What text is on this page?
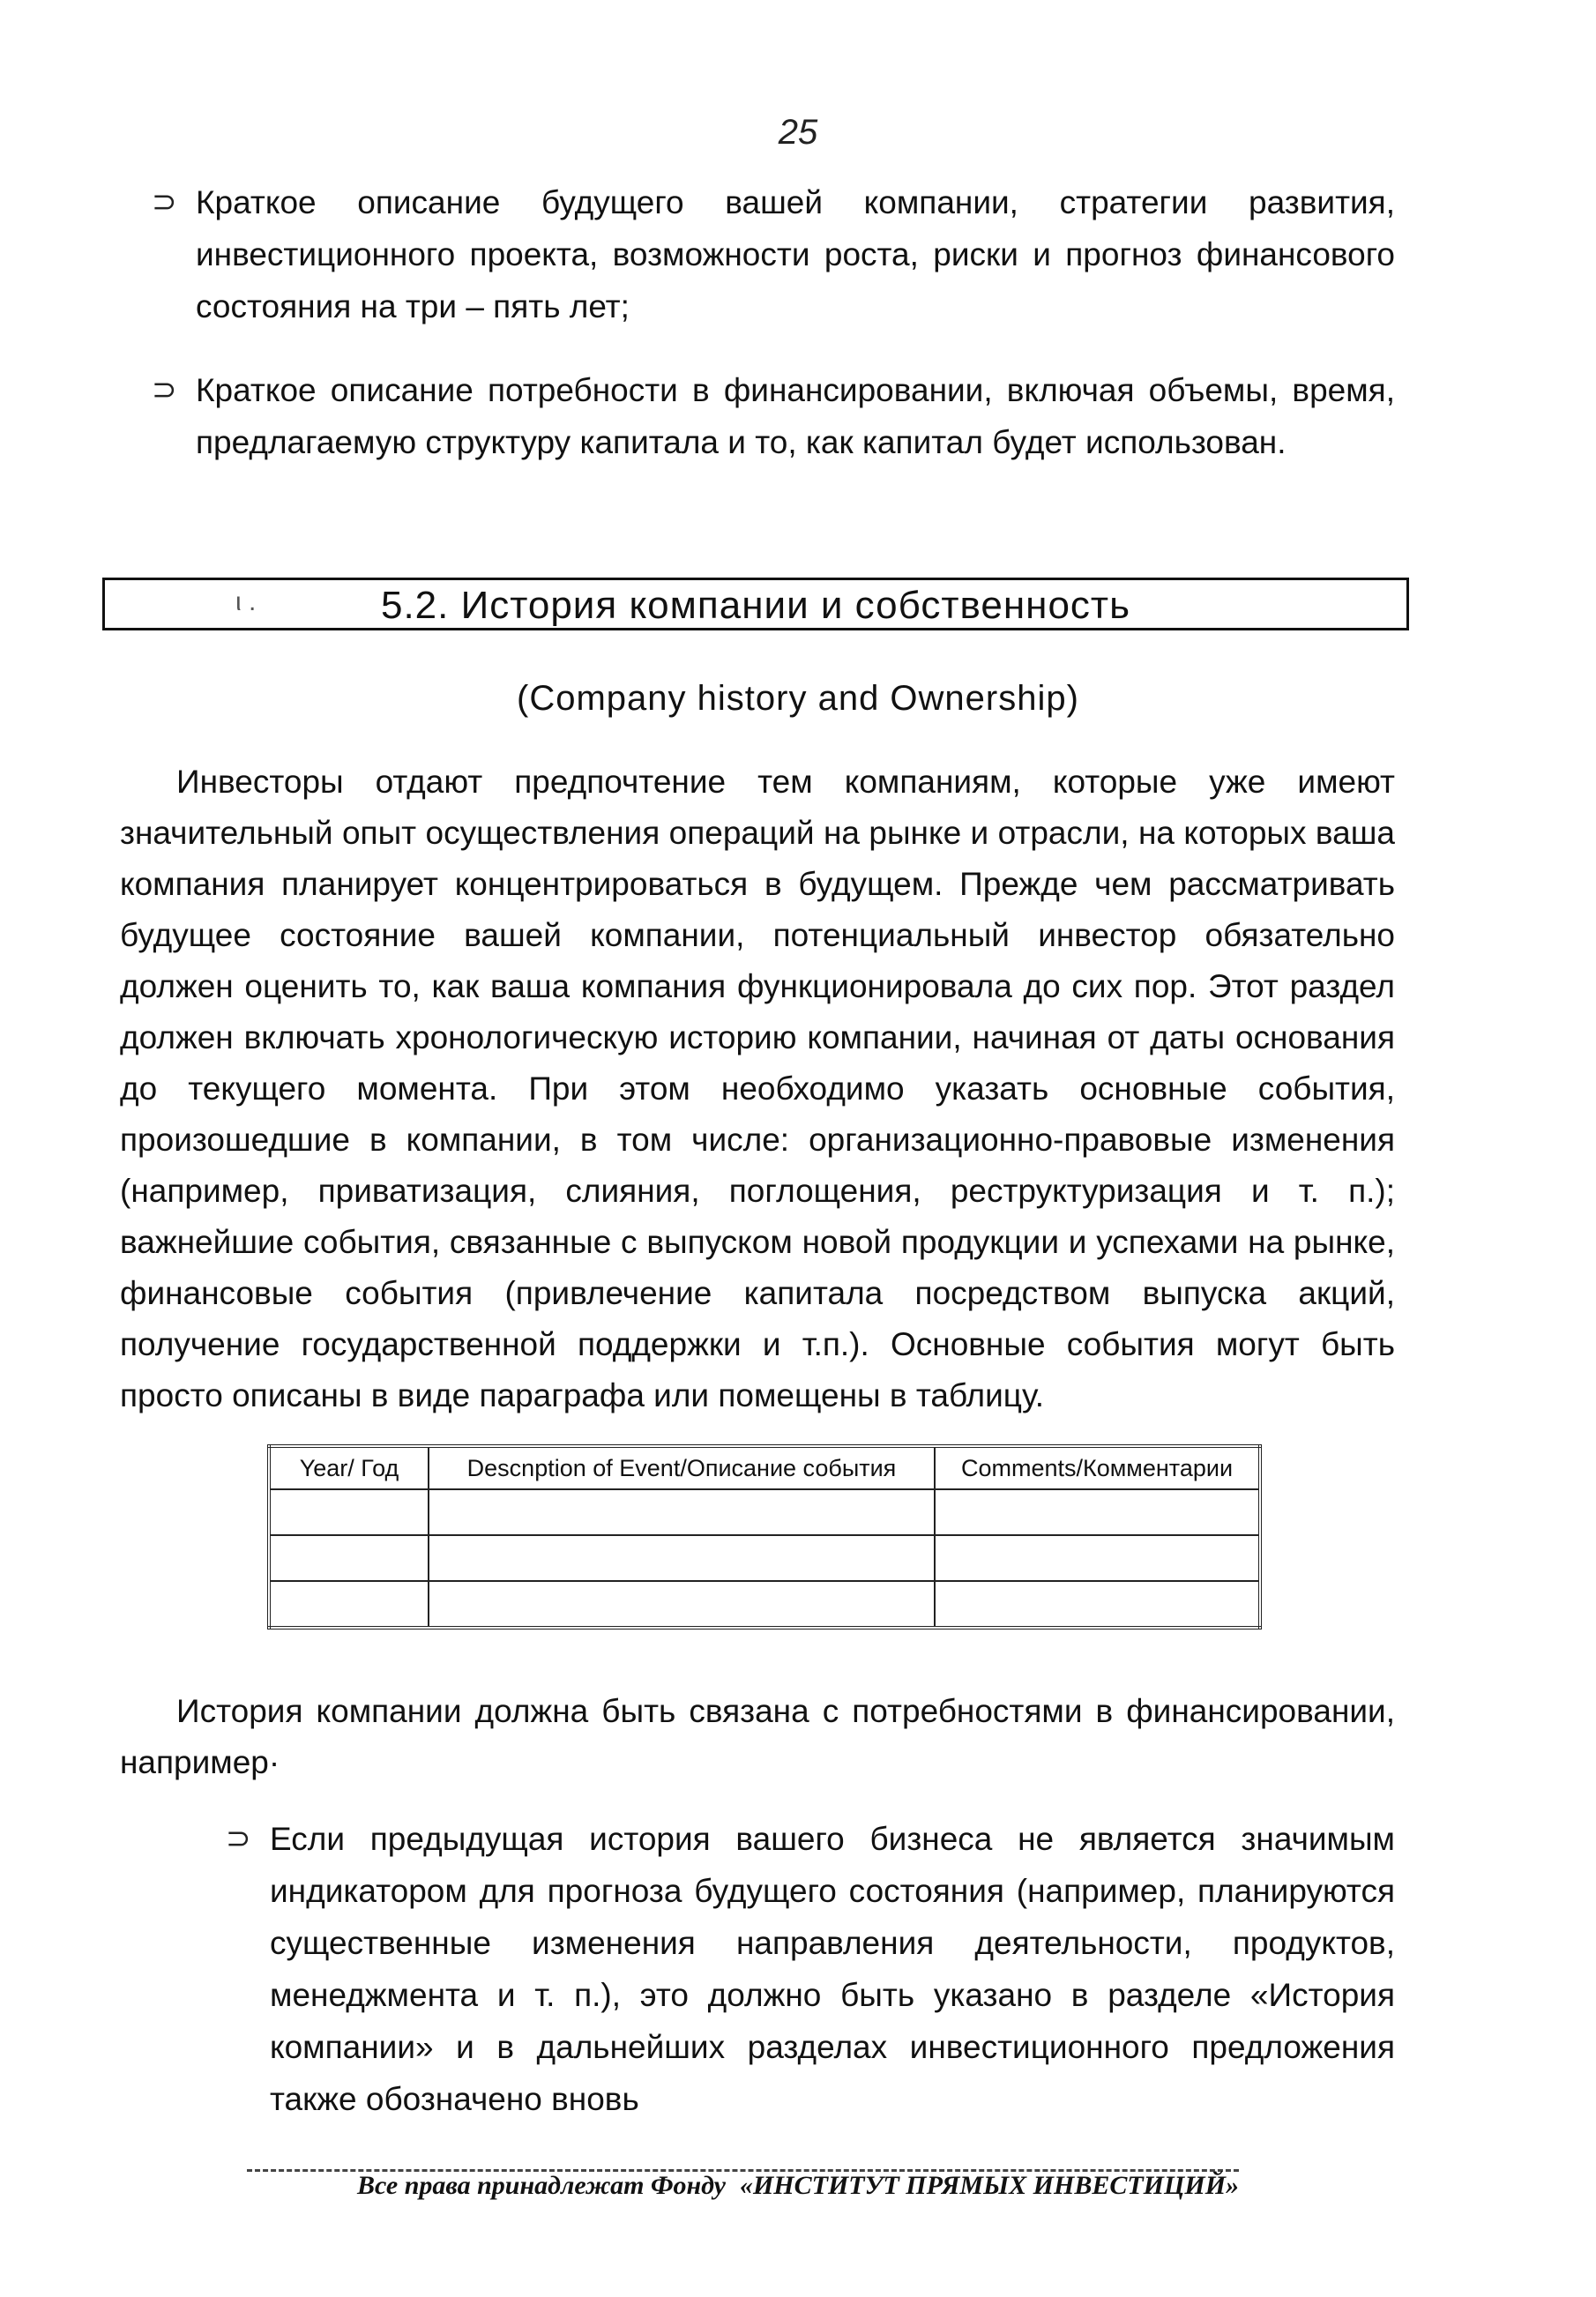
25
⊃ Краткое описание будущего вашей компании, стратегии развития, инвестиционного проекта, возможности роста, риски и прогноз финансового состояния на три – пять лет;
⊃ Краткое описание потребности в финансировании, включая объемы, время, предлагаемую структуру капитала и то, как капитал будет использован.
ι .	5.2. История компании и собственность
(Company history and Ownership)

Инвесторы отдают предпочтение тем компаниям, которые уже имеют значительный опыт осуществления операций на рынке и отрасли, на которых ваша компания планирует концентрироваться в будущем. Прежде чем рассматривать будущее состояние вашей компании, потенциальный инвестор обязательно должен оценить то, как ваша компания функционировала до сих пор. Этот раздел должен включать хронологическую историю компании, начиная от даты основания до текущего момента. При этом необходимо указать основные события, произошедшие в компании, в том числе: организационно-правовые изменения (например, приватизация, слияния, поглощения, реструктуризация и т. п.); важнейшие события, связанные с выпуском новой продукции и успехами на рынке, финансовые события (привлечение капитала посредством выпуска акций, получение государственной поддержки и т.п.). Основные события могут быть просто описаны в виде параграфа или помещены в таблицу.

Year/ Год	Descnption of Event/Описание события	Comments/Комментарии

История компании должна быть связана с потребностями в финансировании, например·

⊃ Если предыдущая история вашего бизнеса не является значимым индикатором для прогноза будущего состояния (например, планируются существенные изменения направления деятельности, продуктов, менеджмента и т. п.), это должно быть указано в разделе «История компании» и в дальнейших разделах инвестиционного предложения также обозначено вновь
Все права принадлежат Фонду «ИНСТИТУТ ПРЯМЫХ ИНВЕСТИЦИЙ»
